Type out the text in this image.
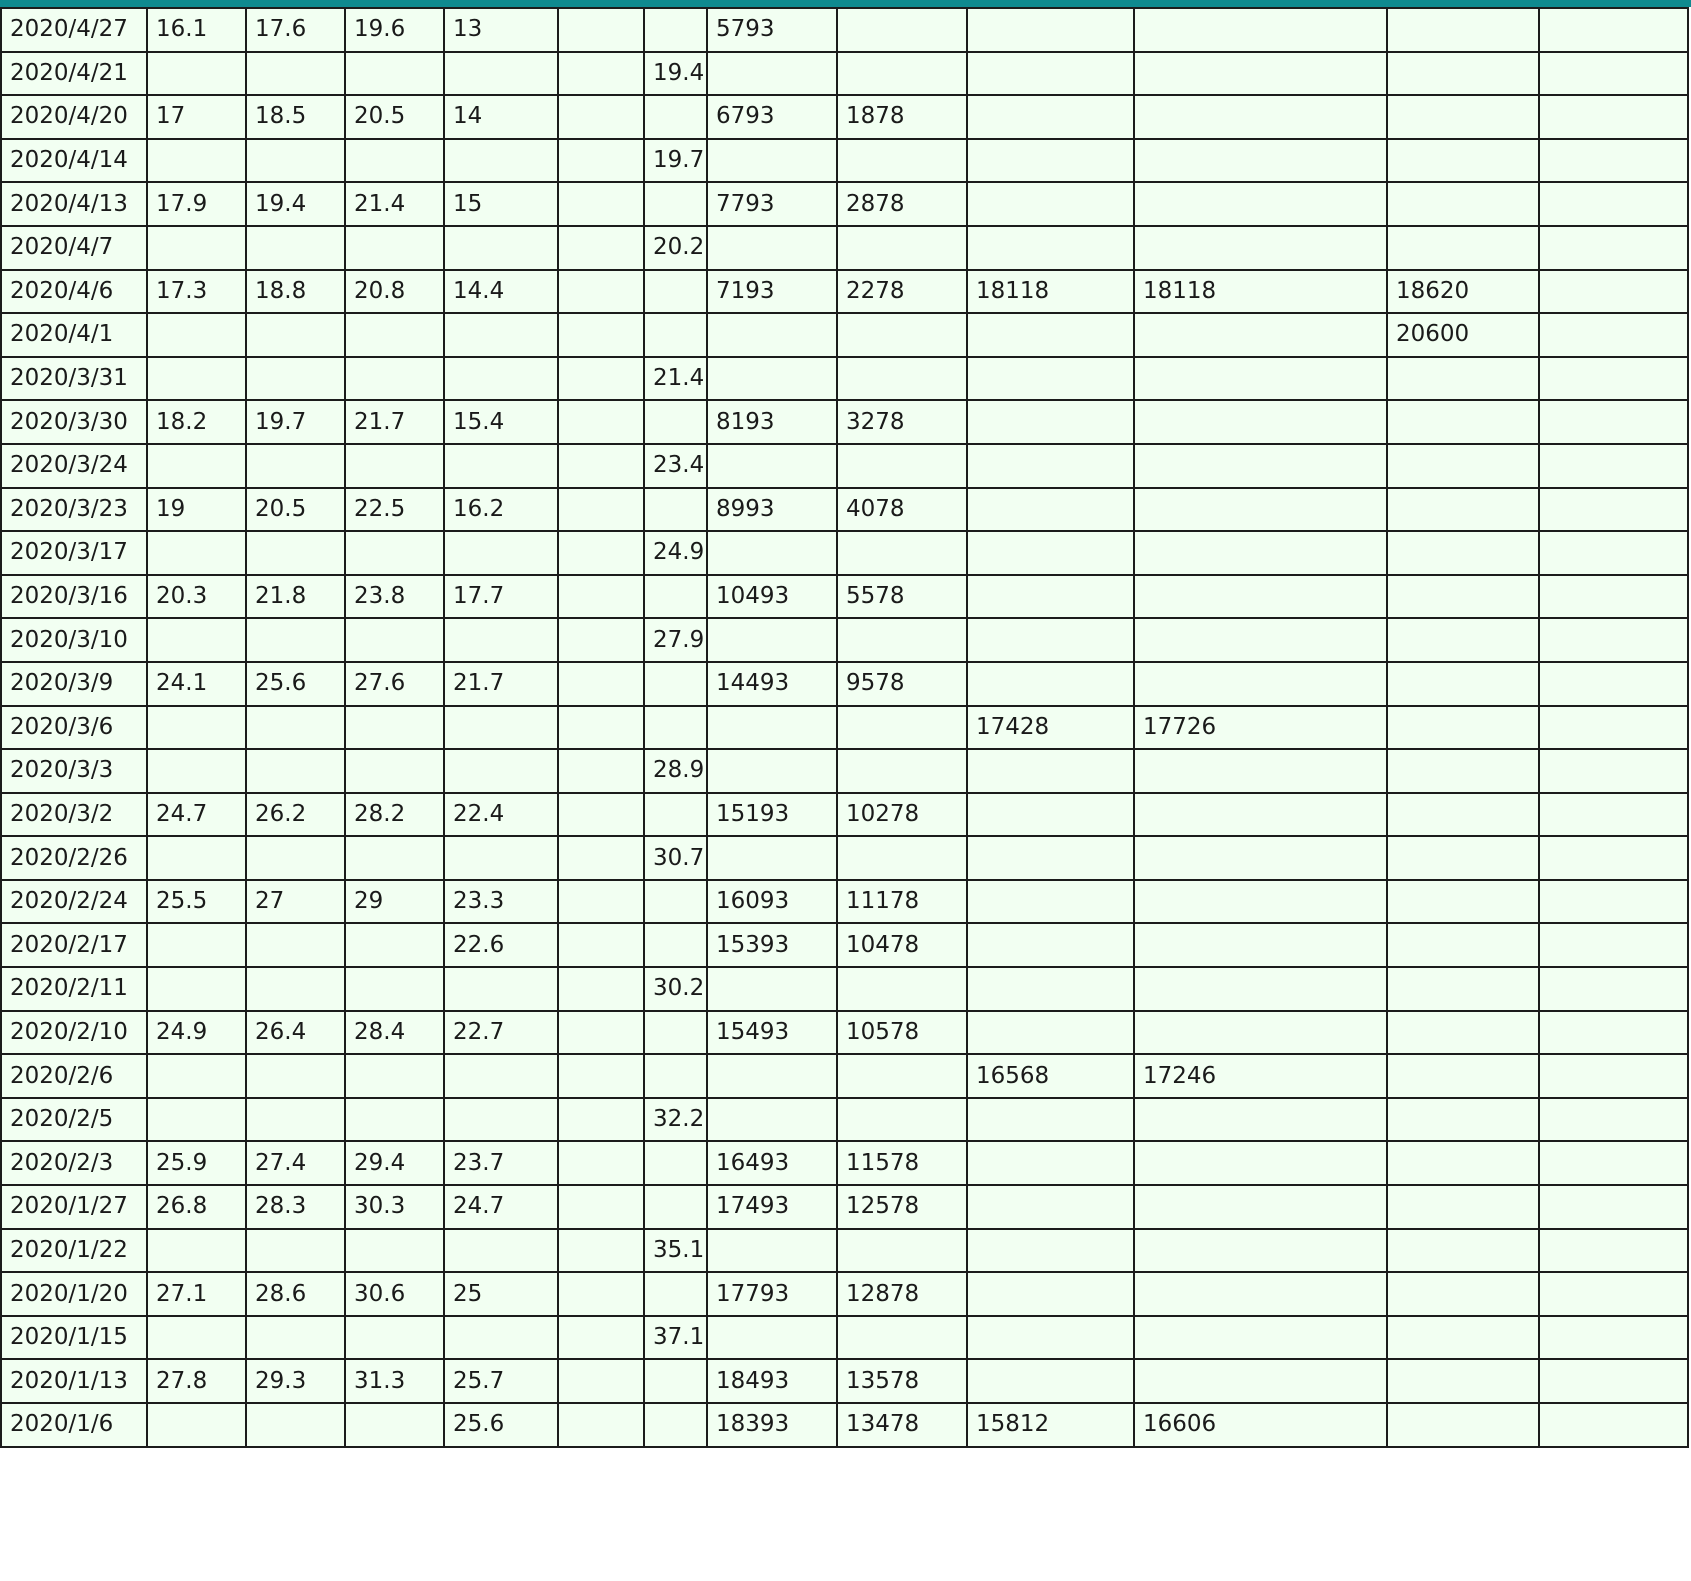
2020/4/27	16.1	17.6	19.6	13			5793					
2020/4/21						19.4						
2020/4/20	17	18.5	20.5	14			6793	1878				
2020/4/14						19.7						
2020/4/13	17.9	19.4	21.4	15			7793	2878				
2020/4/7						20.2						
2020/4/6	17.3	18.8	20.8	14.4			7193	2278	18118	18118	18620	
2020/4/1											20600	
2020/3/31						21.4						
2020/3/30	18.2	19.7	21.7	15.4			8193	3278				
2020/3/24						23.4						
2020/3/23	19	20.5	22.5	16.2			8993	4078				
2020/3/17						24.9						
2020/3/16	20.3	21.8	23.8	17.7			10493	5578				
2020/3/10						27.9						
2020/3/9	24.1	25.6	27.6	21.7			14493	9578				
2020/3/6									17428	17726		
2020/3/3						28.9						
2020/3/2	24.7	26.2	28.2	22.4			15193	10278				
2020/2/26						30.7						
2020/2/24	25.5	27	29	23.3			16093	11178				
2020/2/17				22.6			15393	10478				
2020/2/11						30.2						
2020/2/10	24.9	26.4	28.4	22.7			15493	10578				
2020/2/6									16568	17246		
2020/2/5						32.2						
2020/2/3	25.9	27.4	29.4	23.7			16493	11578				
2020/1/27	26.8	28.3	30.3	24.7			17493	12578				
2020/1/22						35.1						
2020/1/20	27.1	28.6	30.6	25			17793	12878				
2020/1/15						37.1						
2020/1/13	27.8	29.3	31.3	25.7			18493	13578				
2020/1/6				25.6			18393	13478	15812	16606		
